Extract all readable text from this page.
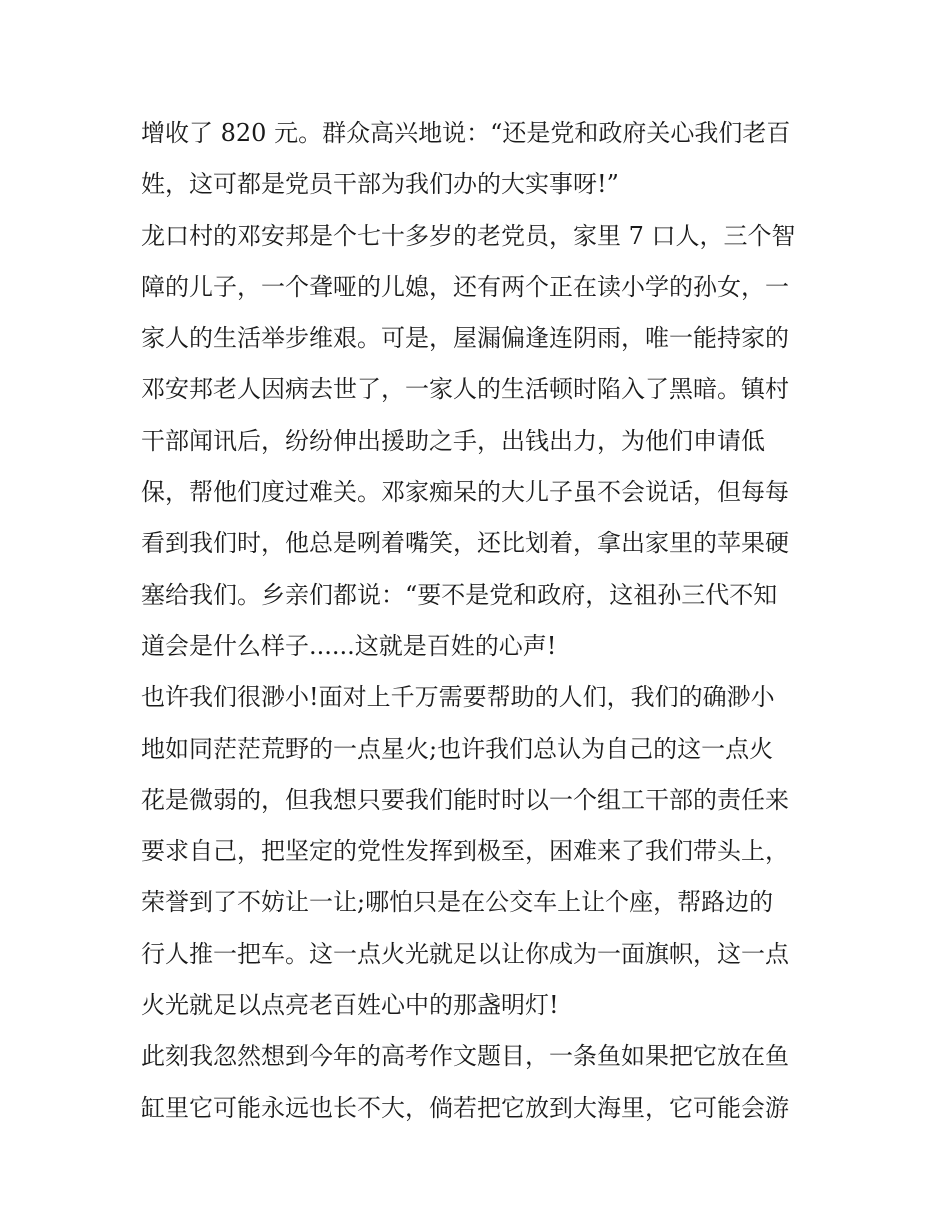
增收了 820 元。群众高兴地说：“还是党和政府关心我们老百
姓，这可都是党员干部为我们办的大实事呀!”
龙口村的邓安邦是个七十多岁的老党员，家里 7 口人，三个智
障的儿子，一个聋哑的儿媳，还有两个正在读小学的孙女，一
家人的生活举步维艰。可是，屋漏偏逢连阴雨，唯一能持家的
邓安邦老人因病去世了，一家人的生活顿时陷入了黑暗。镇村
干部闻讯后，纷纷伸出援助之手，出钱出力，为他们申请低
保，帮他们度过难关。邓家痴呆的大儿子虽不会说话，但每每
看到我们时，他总是咧着嘴笑，还比划着，拿出家里的苹果硬
塞给我们。乡亲们都说：“要不是党和政府，这祖孙三代不知
道会是什么样子......这就是百姓的心声!
也许我们很渺小!面对上千万需要帮助的人们，我们的确渺小
地如同茫茫荒野的一点星火;也许我们总认为自己的这一点火
花是微弱的，但我想只要我们能时时以一个组工干部的责任来
要求自己，把坚定的党性发挥到极至，困难来了我们带头上，
荣誉到了不妨让一让;哪怕只是在公交车上让个座，帮路边的
行人推一把车。这一点火光就足以让你成为一面旗帜，这一点
火光就足以点亮老百姓心中的那盏明灯!
此刻我忽然想到今年的高考作文题目，一条鱼如果把它放在鱼
缸里它可能永远也长不大，倘若把它放到大海里，它可能会游
